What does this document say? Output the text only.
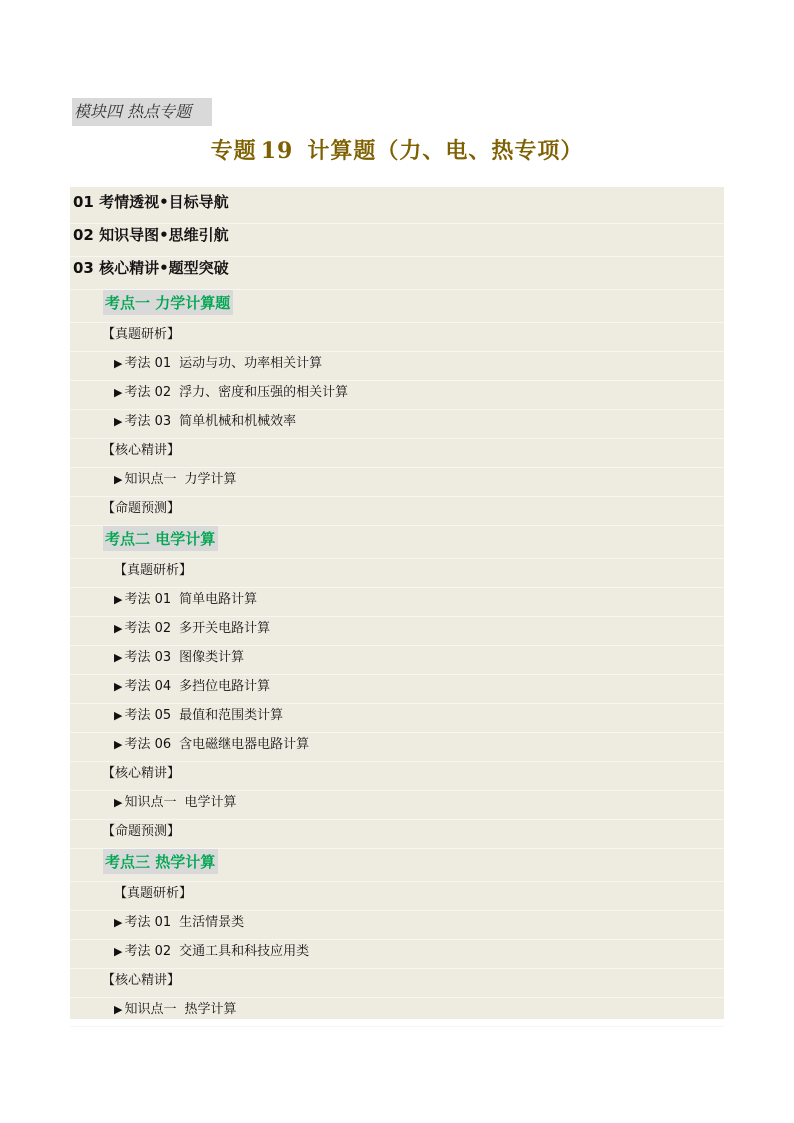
模块四 热点专题
专题 19 计算题（力、电、热专项）
01 考情透视•目标导航
02 知识导图•思维引航
03 核心精讲•题型突破
考点一 力学计算题
【真题研析】
▶ 考法 01 运动与功、功率相关计算
▶ 考法 02 浮力、密度和压强的相关计算
▶ 考法 03 简单机械和机械效率
【核心精讲】
▶ 知识点一 力学计算
【命题预测】
考点二 电学计算
【真题研析】
▶ 考法 01 简单电路计算
▶ 考法 02 多开关电路计算
▶ 考法 03 图像类计算
▶ 考法 04 多挡位电路计算
▶ 考法 05 最值和范围类计算
▶ 考法 06 含电磁继电器电路计算
【核心精讲】
▶ 知识点一 电学计算
【命题预测】
考点三 热学计算
【真题研析】
▶ 考法 01 生活情景类
▶ 考法 02 交通工具和科技应用类
【核心精讲】
▶ 知识点一 热学计算
